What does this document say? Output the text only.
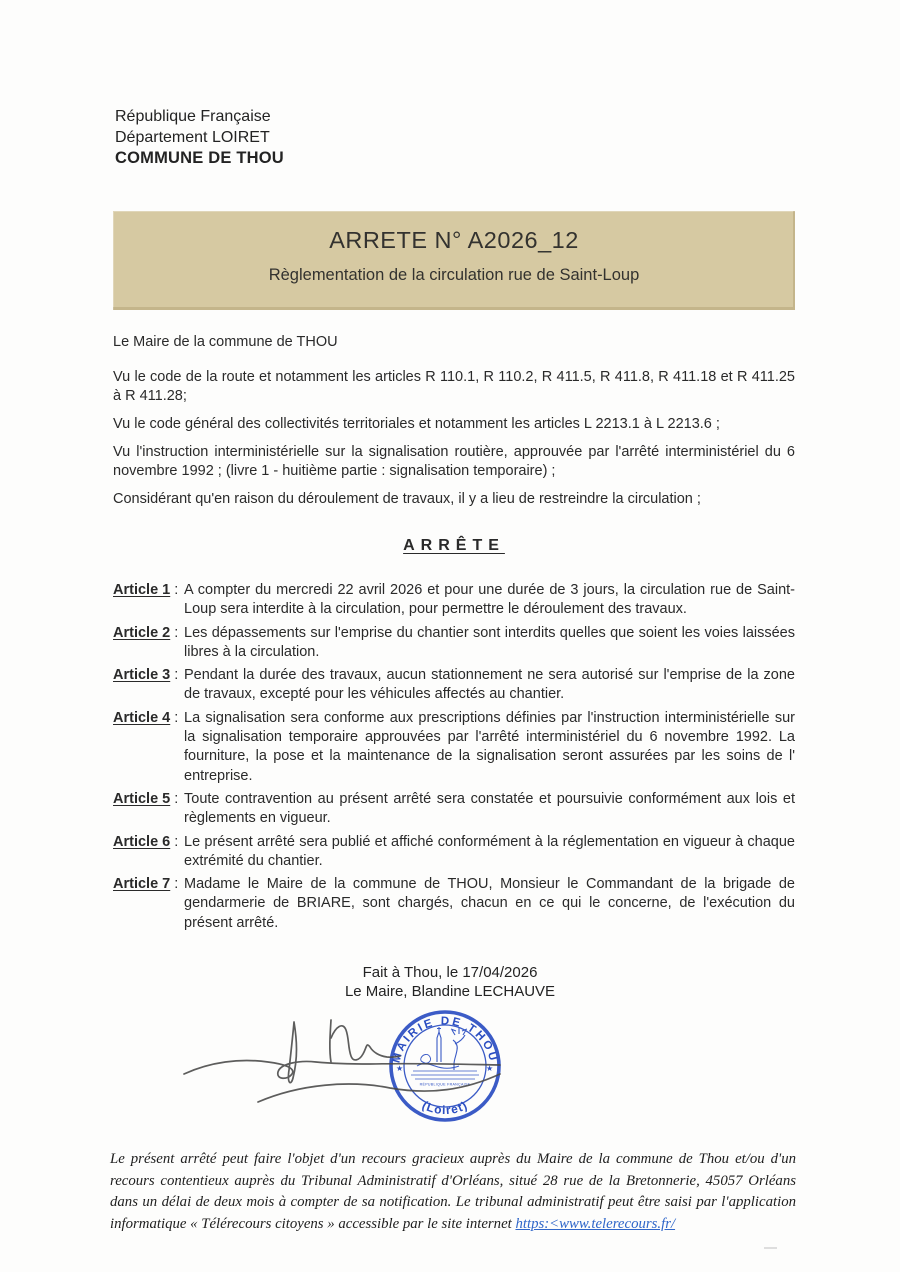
République Française
Département LOIRET
COMMUNE DE THOU
ARRETE N° A2026_12
Règlementation de la circulation rue de Saint-Loup

Le Maire de la commune de THOU

Vu le code de la route et notamment les articles R 110.1, R 110.2, R 411.5, R 411.8, R 411.18 et R 411.25 à R 411.28;

Vu le code général des collectivités territoriales et notamment les articles L 2213.1 à L 2213.6 ;

Vu l'instruction interministérielle sur la signalisation routière, approuvée par l'arrêté interministériel du 6 novembre 1992 ; (livre 1 - huitième partie : signalisation temporaire) ;

Considérant qu'en raison du déroulement de travaux, il y a lieu de restreindre la circulation ;

ARRÊTE

Article 1 : A compter du mercredi 22 avril 2026 et pour une durée de 3 jours, la circulation rue de Saint-Loup sera interdite à la circulation, pour permettre le déroulement des travaux.

Article 2 : Les dépassements sur l'emprise du chantier sont interdits quelles que soient les voies laissées libres à la circulation.

Article 3 : Pendant la durée des travaux, aucun stationnement ne sera autorisé sur l'emprise de la zone de travaux, excepté pour les véhicules affectés au chantier.

Article 4 : La signalisation sera conforme aux prescriptions définies par l'instruction interministérielle sur la signalisation temporaire approuvées par l'arrêté interministériel du 6 novembre 1992. La fourniture, la pose et la maintenance de la signalisation seront assurées par les soins de l' entreprise.

Article 5 : Toute contravention au présent arrêté sera constatée et poursuivie conformément aux lois et règlements en vigueur.

Article 6 : Le présent arrêté sera publié et affiché conformément à la réglementation en vigueur à chaque extrémité du chantier.

Article 7 : Madame le Maire de la commune de THOU, Monsieur le Commandant de la brigade de gendarmerie de BRIARE, sont chargés, chacun en ce qui le concerne, de l'exécution du présent arrêté.

Fait à Thou, le 17/04/2026
Le Maire, Blandine LECHAUVE
MAIRIE DE THOU
(Loiret)
RÉPUBLIQUE FRANÇAISE
★	★
Le présent arrêté peut faire l'objet d'un recours gracieux auprès du Maire de la commune de Thou et/ou d'un recours contentieux auprès du Tribunal Administratif d'Orléans, situé 28 rue de la Bretonnerie, 45057 Orléans dans un délai de deux mois à compter de sa notification. Le tribunal administratif peut être saisi par l'application informatique « Télérecours citoyens » accessible par le site internet https:<www.telerecours.fr/
